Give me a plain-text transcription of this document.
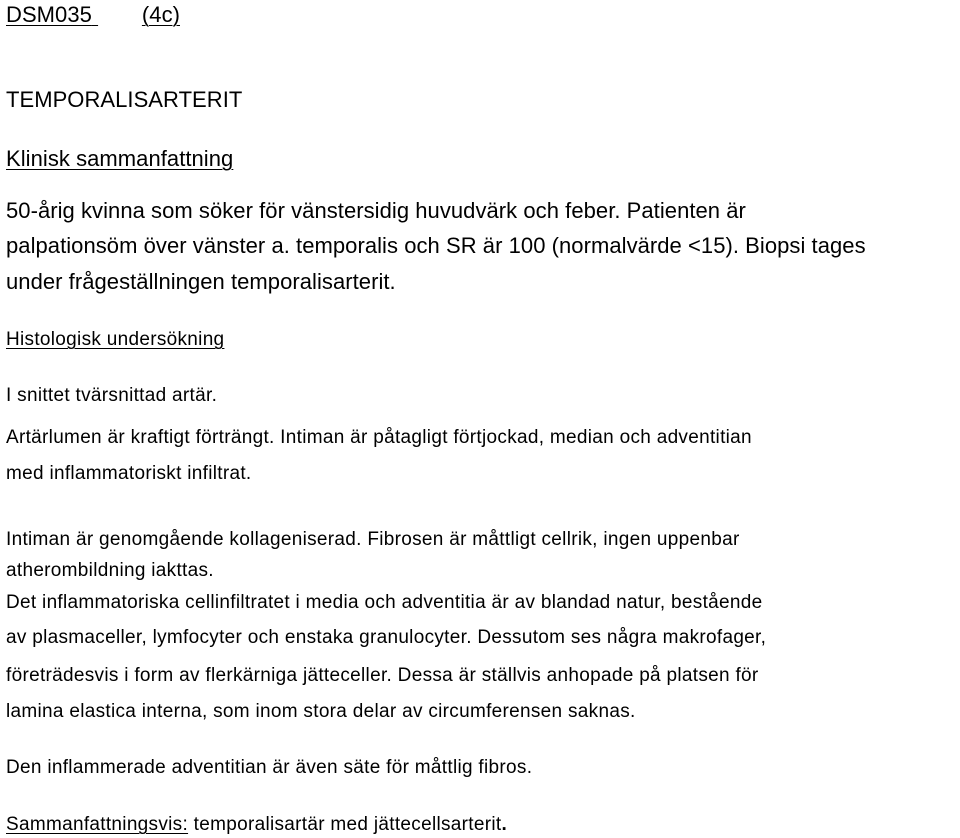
DSM035 (4c)
TEMPORALISARTERIT
Klinisk sammanfattning
50-årig kvinna som söker för vänstersidig huvudvärk och feber. Patienten är
palpationsöm över vänster a. temporalis och SR är 100 (normalvärde <15). Biopsi tages
under frågeställningen temporalisarterit.
Histologisk undersökning
I snittet tvärsnittad artär.
Artärlumen är kraftigt förträngt. Intiman är påtagligt förtjockad, median och adventitian
med inflammatoriskt infiltrat.
Intiman är genomgående kollageniserad. Fibrosen är måttligt cellrik, ingen uppenbar
atherombildning iakttas.
Det inflammatoriska cellinfiltratet i media och adventitia är av blandad natur, bestående
av plasmaceller, lymfocyter och enstaka granulocyter. Dessutom ses några makrofager,
företrädesvis i form av flerkärniga jätteceller. Dessa är ställvis anhopade på platsen för
lamina elastica interna, som inom stora delar av circumferensen saknas.
Den inflammerade adventitian är även säte för måttlig fibros.
Sammanfattningsvis: temporalisartär med jättecellsarterit.
